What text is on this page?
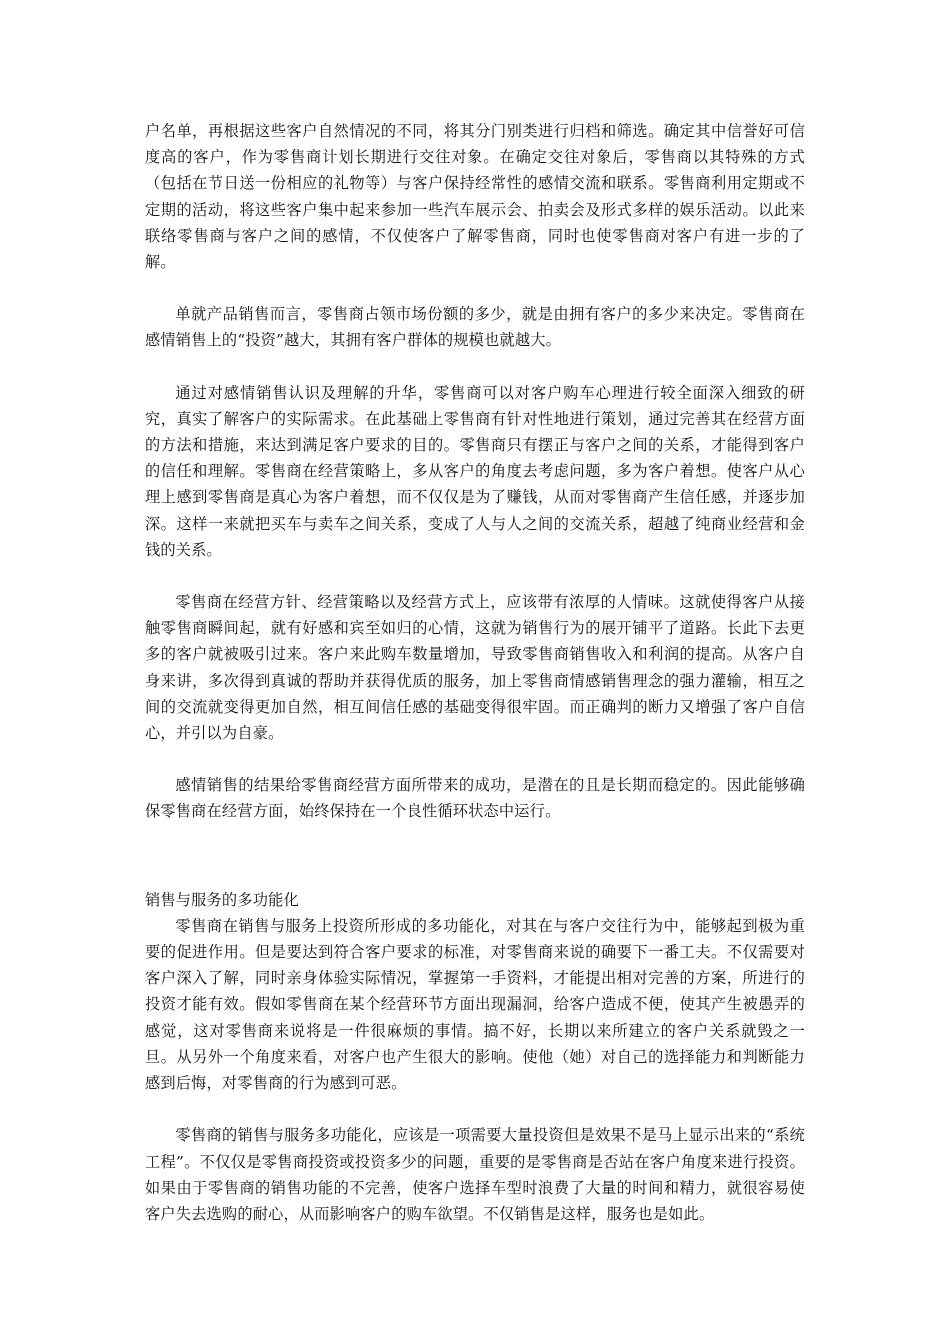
户名单，再根据这些客户自然情况的不同，将其分门别类进行归档和筛选。确定其中信誉好可信度高的客户，作为零售商计划长期进行交往对象。在确定交往对象后，零售商以其特殊的方式（包括在节日送一份相应的礼物等）与客户保持经常性的感情交流和联系。零售商利用定期或不定期的活动，将这些客户集中起来参加一些汽车展示会、拍卖会及形式多样的娱乐活动。以此来联络零售商与客户之间的感情，不仅使客户了解零售商，同时也使零售商对客户有进一步的了解。

单就产品销售而言，零售商占领市场份额的多少，就是由拥有客户的多少来决定。零售商在感情销售上的“投资”越大，其拥有客户群体的规模也就越大。

通过对感情销售认识及理解的升华，零售商可以对客户购车心理进行较全面深入细致的研究，真实了解客户的实际需求。在此基础上零售商有针对性地进行策划，通过完善其在经营方面的方法和措施，来达到满足客户要求的目的。零售商只有摆正与客户之间的关系，才能得到客户的信任和理解。零售商在经营策略上，多从客户的角度去考虑问题，多为客户着想。使客户从心理上感到零售商是真心为客户着想，而不仅仅是为了赚钱，从而对零售商产生信任感，并逐步加深。这样一来就把买车与卖车之间关系，变成了人与人之间的交流关系，超越了纯商业经营和金钱的关系。

零售商在经营方针、经营策略以及经营方式上，应该带有浓厚的人情味。这就使得客户从接触零售商瞬间起，就有好感和宾至如归的心情，这就为销售行为的展开铺平了道路。长此下去更多的客户就被吸引过来。客户来此购车数量增加，导致零售商销售收入和利润的提高。从客户自身来讲，多次得到真诚的帮助并获得优质的服务，加上零售商情感销售理念的强力灌输，相互之间的交流就变得更加自然，相互间信任感的基础变得很牢固。而正确判的断力又增强了客户自信心，并引以为自豪。

感情销售的结果给零售商经营方面所带来的成功，是潜在的且是长期而稳定的。因此能够确保零售商在经营方面，始终保持在一个良性循环状态中运行。

销售与服务的多功能化

零售商在销售与服务上投资所形成的多功能化，对其在与客户交往行为中，能够起到极为重要的促进作用。但是要达到符合客户要求的标准，对零售商来说的确要下一番工夫。不仅需要对客户深入了解，同时亲身体验实际情况，掌握第一手资料，才能提出相对完善的方案，所进行的投资才能有效。假如零售商在某个经营环节方面出现漏洞，给客户造成不便，使其产生被愚弄的感觉，这对零售商来说将是一件很麻烦的事情。搞不好，长期以来所建立的客户关系就毁之一旦。从另外一个角度来看，对客户也产生很大的影响。使他（她）对自己的选择能力和判断能力感到后悔，对零售商的行为感到可恶。

零售商的销售与服务多功能化，应该是一项需要大量投资但是效果不是马上显示出来的“系统工程”。不仅仅是零售商投资或投资多少的问题，重要的是零售商是否站在客户角度来进行投资。如果由于零售商的销售功能的不完善，使客户选择车型时浪费了大量的时间和精力，就很容易使客户失去选购的耐心，从而影响客户的购车欲望。不仅销售是这样，服务也是如此。
